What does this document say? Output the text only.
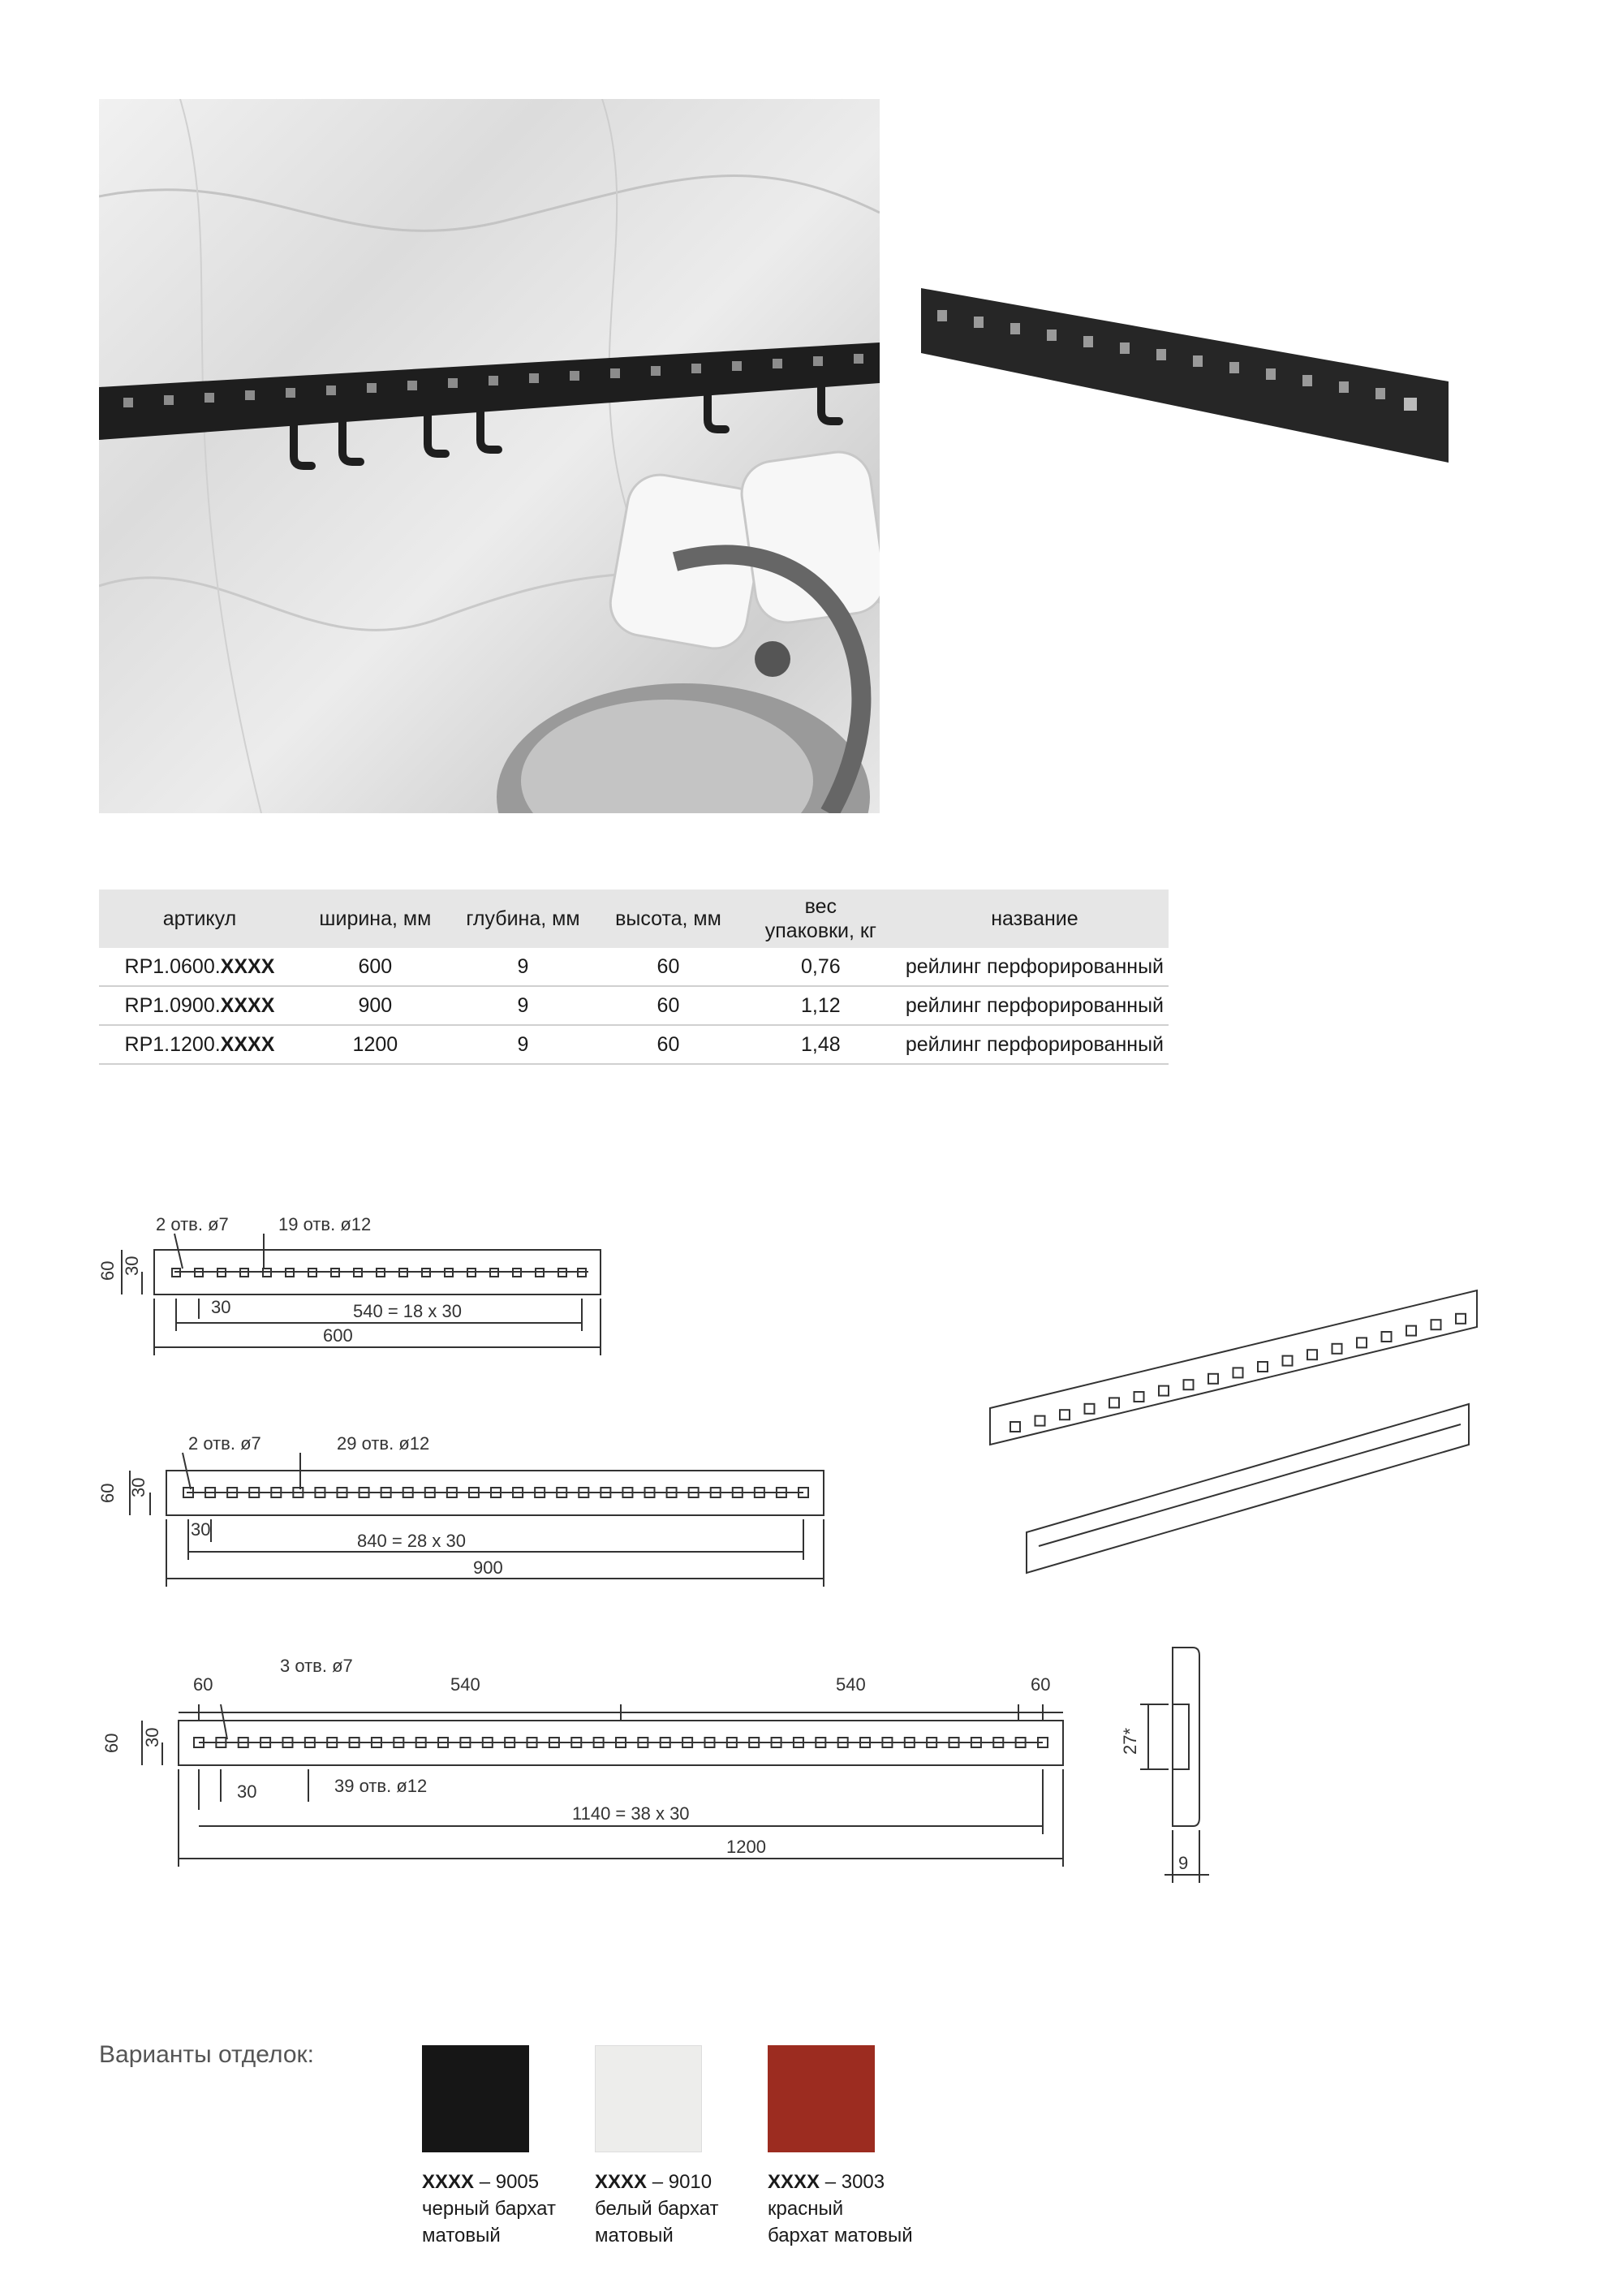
артикул	ширина, мм	глубина, мм	высота, мм	вес
упаковки, кг	название
RP1.0600.XXXX	600	9	60	0,76	рейлинг перфорированный
RP1.0900.XXXX	900	9	60	1,12	рейлинг перфорированный
RP1.1200.XXXX	1200	9	60	1,48	рейлинг перфорированный
2 отв. ø7	19 отв. ø12
60 30
30	540 = 18 x 30
600
2 отв. ø7	29 отв. ø12
60 30
30
840 = 28 x 30
900
3 отв. ø7
60	540	540	60
60 30
30	39 отв. ø12
1140 = 38 x 30
1200
27*
9
Варианты отделок:
XXXX – 9005
черный бархат
матовый
XXXX – 9010
белый бархат
матовый
XXXX – 3003
красный
бархат матовый
